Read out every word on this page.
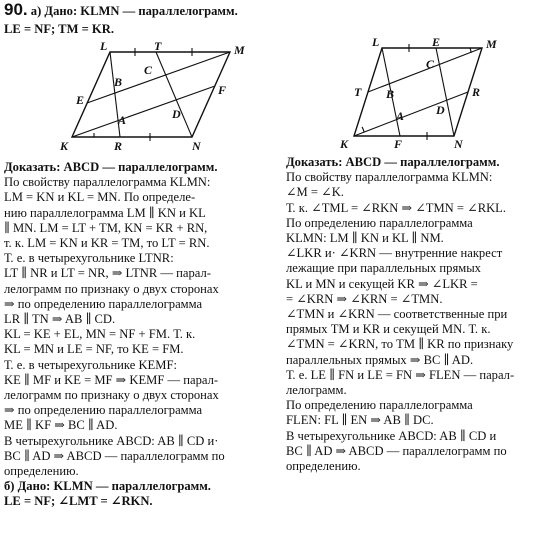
90. а) Дано: KLMN — параллелограмм.
LE = NF; TM = KR.
L	T	M
B
C
E
F
A	D
K	R	N
L	E	M
C
T B	R
A	D
K	F	N
Доказать: ABCD — параллелограмм.
По свойству параллелограмма KLMN:
LM = KN и KL = MN. По определе-
нию параллелограмма LM ∥ KN и KL
∥ MN. LM = LT + TM, KN = KR + RN,
т. к. LM = KN и KR = TM, то LT = RN.
Т. е. в четырехугольнике LTNR:
LT ∥ NR и LT = NR, ⇒ LTNR — парал-
лелограмм по признаку о двух сторонах
⇒ по определению параллелограмма
LR ∥ TN ⇒ AB ∥ CD.
KL = KE + EL, MN = NF + FM. Т. к.
KL = MN и LE = NF, то KE = FM.
Т. е. в четырехугольнике KEMF:
KE ∥ MF и KE = MF ⇒ KEMF — парал-
лелограмм по признаку о двух сторонах
⇒ по определению параллелограмма
ME ∥ KF ⇒ BC ∥ AD.
В четырехугольнике ABCD: AB ∥ CD и·
BC ∥ AD ⇒ ABCD — параллелограмм по
определению.
б) Дано: KLMN — параллелограмм.
LE = NF; ∠LMT = ∠RKN.
Доказать: ABCD — параллелограмм.
По свойству параллелограмма KLMN:
∠M = ∠K.
Т. к. ∠TML = ∠RKN ⇒ ∠TMN = ∠RKL.
По определению параллелограмма
KLMN: LM ∥ KN и KL ∥ NM.
∠LKR и· ∠KRN — внутренние накрест
лежащие при параллельных прямых
KL и MN и секущей KR ⇒ ∠LKR =
= ∠KRN ⇒ ∠KRN = ∠TMN.
∠TMN и ∠KRN — соответственные при
прямых TM и KR и секущей MN. Т. к.
∠TMN = ∠KRN, то TM ∥ KR по признаку
параллельных прямых ⇒ BC ∥ AD.
Т. е. LE ∥ FN и LE = FN ⇒ FLEN — парал-
лелограмм.
По определению параллелограмма
FLEN: FL ∥ EN ⇒ AB ∥ DC.
В четырехугольнике ABCD: AB ∥ CD и
BC ∥ AD ⇒ ABCD — параллелограмм по
определению.
